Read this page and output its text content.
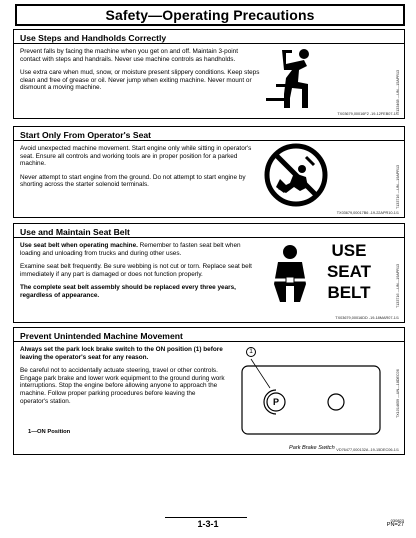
Safety—Operating Precautions
Use Steps and Handholds Correctly

Prevent falls by facing the machine when you get on and off. Maintain 3-point contact with steps and handrails. Never use machine controls as handholds.

Use extra care when mud, snow, or moisture present slippery conditions. Keep steps clean and free of grease or oil. Never jump when exiting machine. Never mount or dismount a moving machine.	T133468 —UN—15APR13
TX03679,00016F2 -19-12FEB07-1/1
Start Only From Operator's Seat

Avoid unexpected machine movement. Start engine only while sitting in operator's seat. Ensure all controls and working tools are in proper position for a parked machine.

Never attempt to start engine from the ground. Do not attempt to start engine by shorting across the starter solenoid terminals.	T133716 —UN—19APR13
TX03679,00017B6 -19-22APR10-1/1
Use and Maintain Seat Belt

Use seat belt when operating machine. Remember to fasten seat belt when loading and unloading from trucks and during other uses.

Examine seat belt frequently. Be sure webbing is not cut or torn. Replace seat belt immediately if any part is damaged or does not function properly.

The complete seat belt assembly should be replaced every three years, regardless of appearance.

USE
SEAT
BELT	T133716 —UN—19APR13
TX03679,00016DD -19-18MAR07-1/1
Prevent Unintended Machine Movement

Always set the park lock brake switch to the ON position (1) before leaving the operator's seat for any reason.

Be careful not to accidentally actuate steering, travel or other controls. Engage park brake and lower work equipment to the ground during work interruptions. Stop the engine before allowing anyone to approach the machine. Follow proper parking procedures before leaving the operator's station.

1—ON Position
1
P
Park Brake Switch
TX1014659 —UN—18DEC06
VD76477,000132A -19-15DEC06-1/1
1-3-1	030823
PN=27
